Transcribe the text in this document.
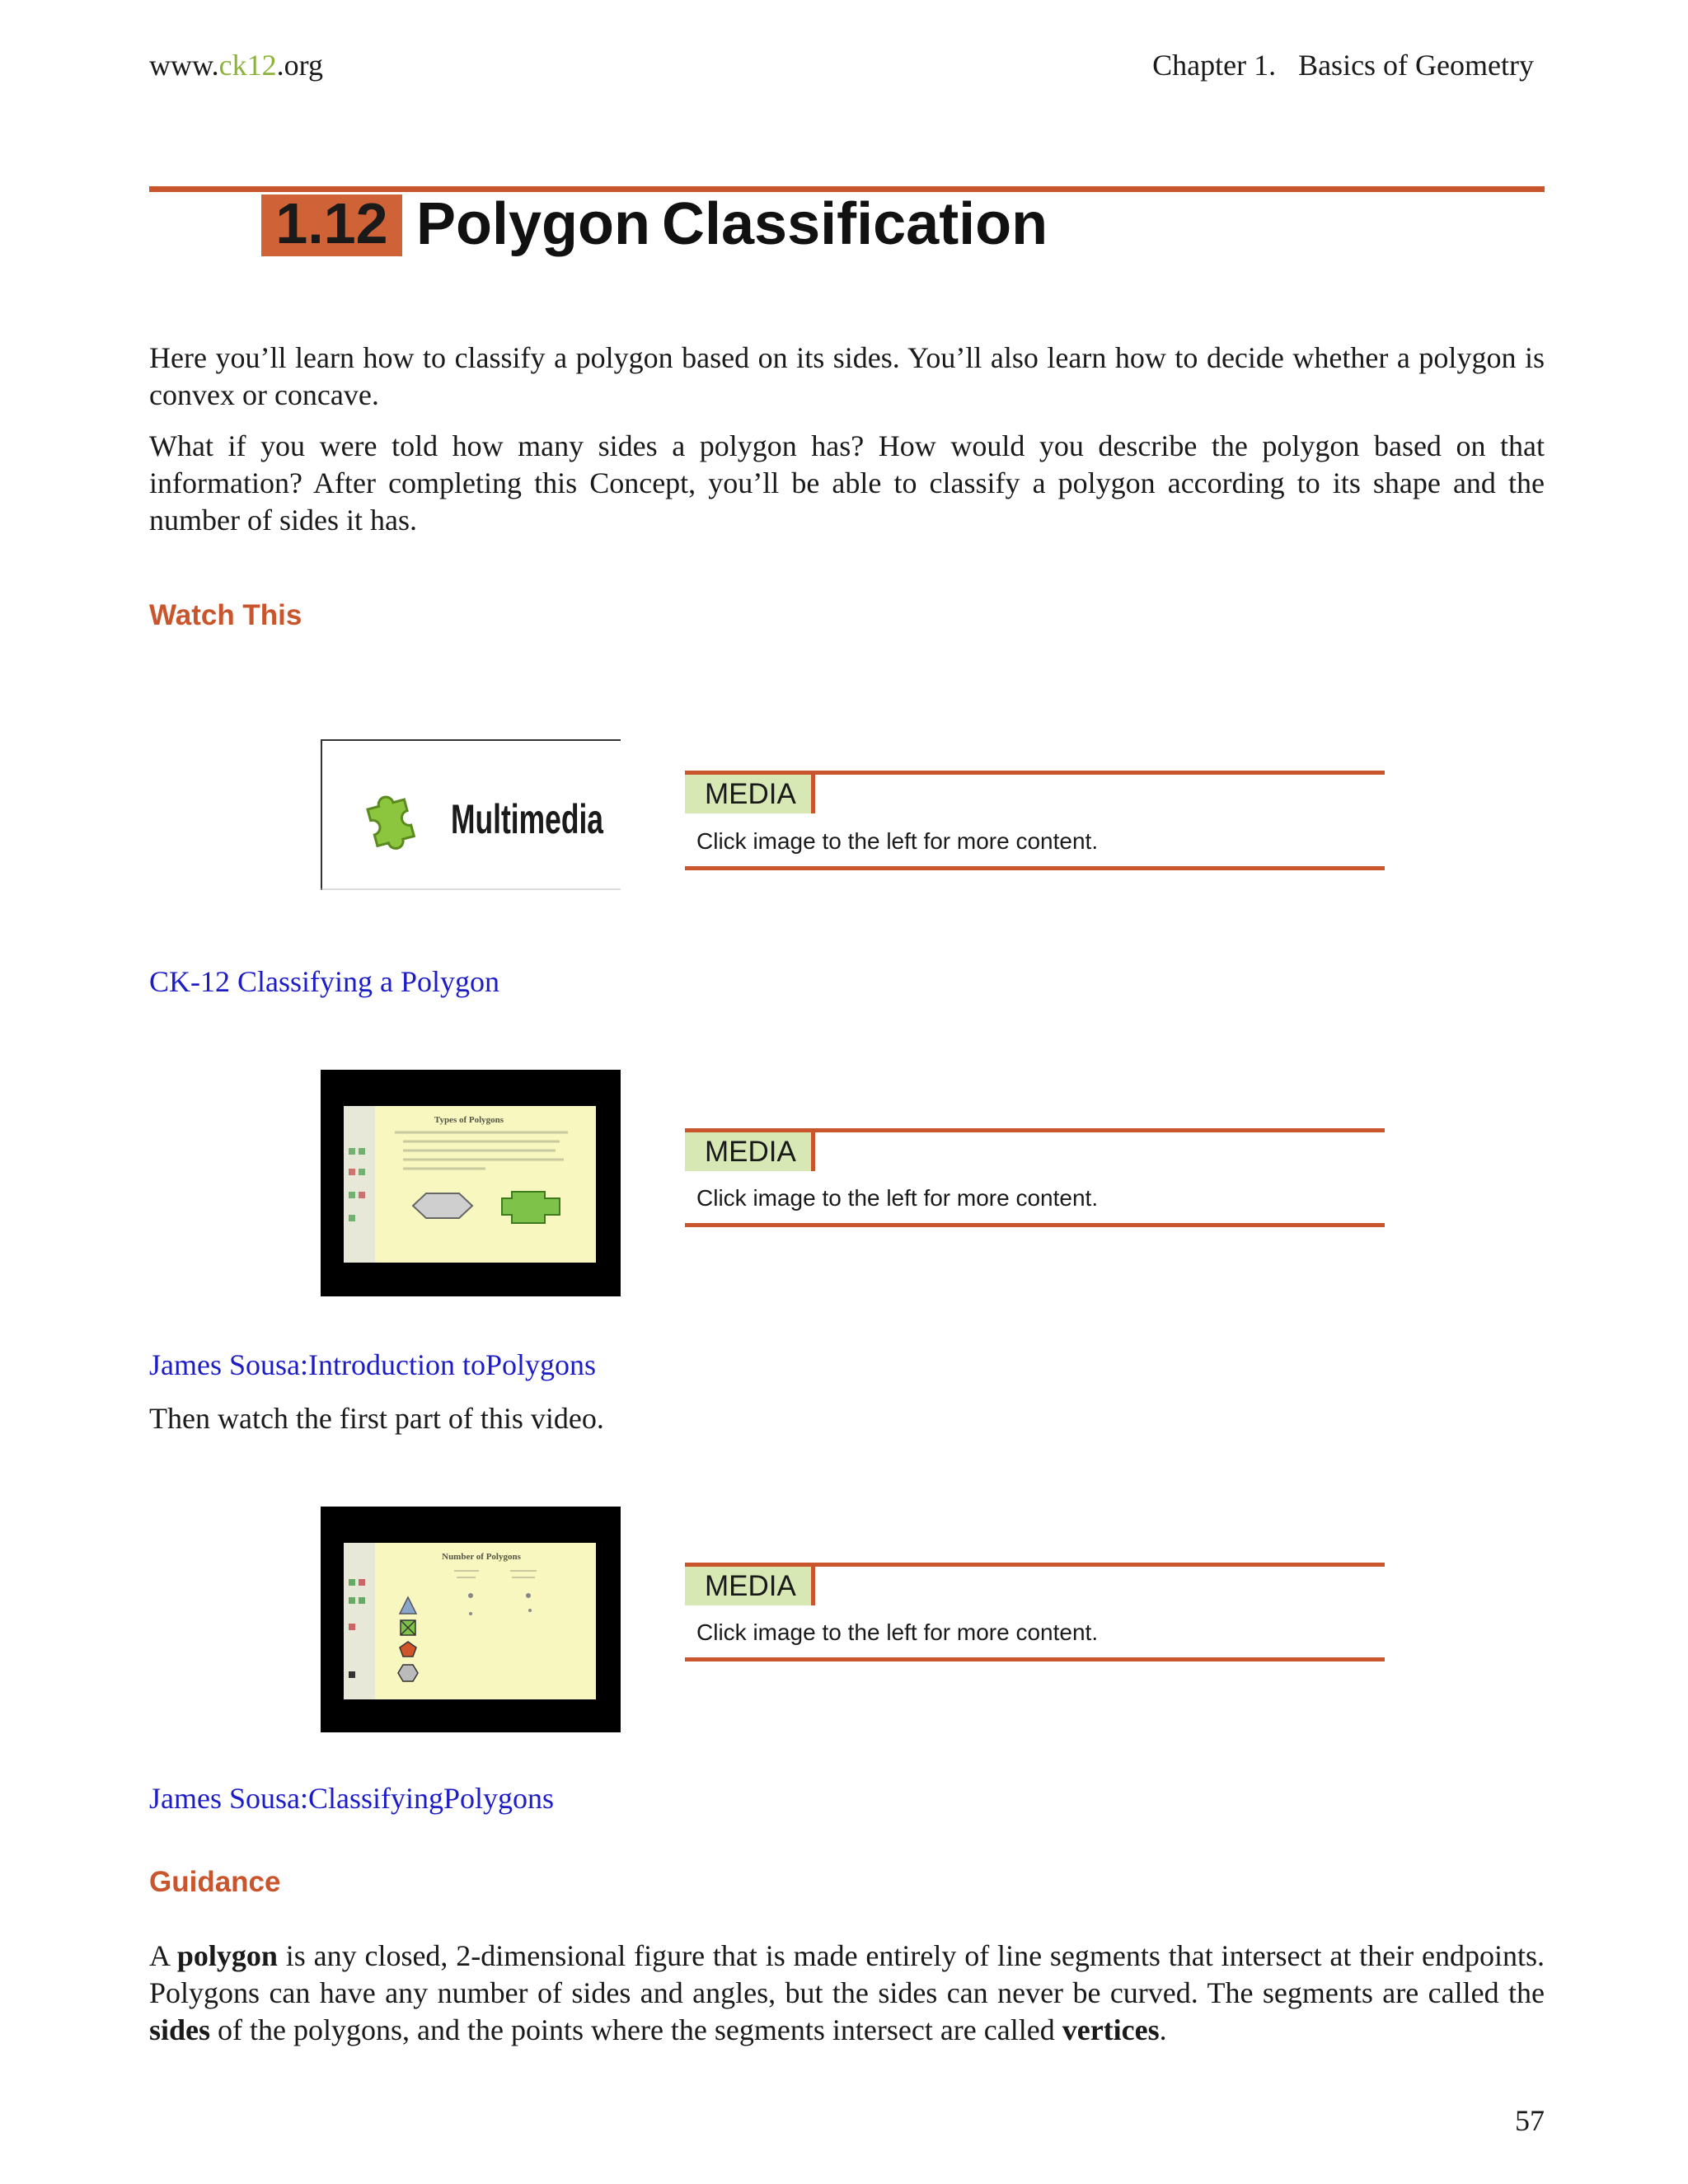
www.ck12.org	Chapter 1.   Basics of Geometry
1.12 Polygon Classification
Here you’ll learn how to classify a polygon based on its sides. You’ll also learn how to decide whether a polygon is convex or concave.
What if you were told how many sides a polygon has? How would you describe the polygon based on that information? After completing this Concept, you’ll be able to classify a polygon according to its shape and the number of sides it has.
Watch This
Multimedia
MEDIA
Click image to the left for more content.
CK-12 Classifying a Polygon
Types of Polygons
MEDIA
Click image to the left for more content.
James Sousa:Introduction toPolygons
Then watch the first part of this video.
Number of Polygons
MEDIA
Click image to the left for more content.
James Sousa:ClassifyingPolygons
Guidance
A polygon is any closed, 2-dimensional figure that is made entirely of line segments that intersect at their endpoints. Polygons can have any number of sides and angles, but the sides can never be curved. The segments are called the sides of the polygons, and the points where the segments intersect are called vertices.
57
